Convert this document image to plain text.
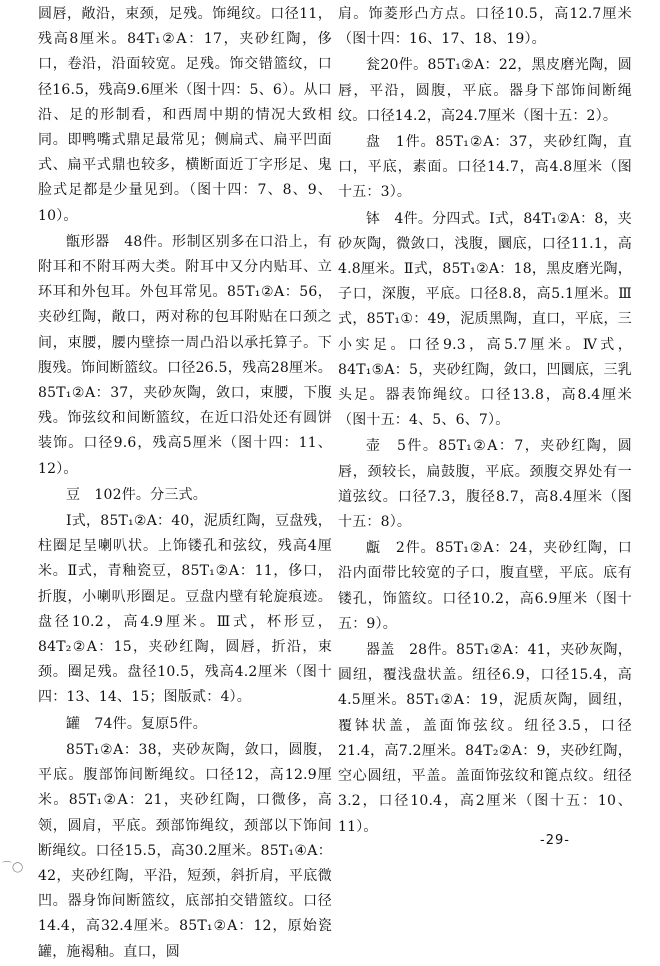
圆唇，敞沿，束颈，足残。饰绳纹。口径11，残高8厘米。84T₁②A：17，夹砂红陶，侈口，卷沿，沿面较宽。足残。饰交错篮纹，口径16.5，残高9.6厘米（图十四：5、6）。从口沿、足的形制看，和西周中期的情况大致相同。即鸭嘴式鼎足最常见；侧扁式、扁平凹面式、扁平式鼎也较多，横断面近丁字形足、鬼脸式足都是少量见到。（图十四：7、8、9、10）。

甑形器　48件。形制区别多在口沿上，有附耳和不附耳两大类。附耳中又分内贴耳、立环耳和外包耳。外包耳常见。85T₁②A：56，夹砂红陶，敞口，两对称的包耳附贴在口颈之间，束腰，腰内壁捺一周凸沿以承托算子。下腹残。饰间断篮纹。口径26.5，残高28厘米。85T₁②A：37，夹砂灰陶，敛口，束腰，下腹残。饰弦纹和间断篮纹，在近口沿处还有圆饼装饰。口径9.6，残高5厘米（图十四：11、12）。

豆　102件。分三式。

Ⅰ式，85T₁②A：40，泥质红陶，豆盘残，柱圈足呈喇叭状。上饰镂孔和弦纹，残高4厘米。Ⅱ式，青釉瓷豆，85T₁②A：11，侈口，折腹，小喇叭形圈足。豆盘内壁有轮旋痕迹。盘径10.2，高4.9厘米。Ⅲ式，杯形豆，84T₂②A：15，夹砂红陶，圆唇，折沿，束颈。圈足残。盘径10.5，残高4.2厘米（图十四：13、14、15；图版贰：4）。

罐　74件。复原5件。

85T₁②A：38，夹砂灰陶，敛口，圆腹，平底。腹部饰间断绳纹。口径12，高12.9厘米。85T₁②A：21，夹砂红陶，口微侈，高领，圆肩，平底。颈部饰绳纹，颈部以下饰间断绳纹。口径15.5，高30.2厘米。85T₁④A：42，夹砂红陶，平沿，短颈，斜折肩，平底微凹。器身饰间断篮纹，底部拍交错篮纹。口径14.4，高32.4厘米。85T₁②A：12，原始瓷罐，施褐釉。直口，圆

肩。饰菱形凸方点。口径10.5，高12.7厘米（图十四：16、17、18、19）。

瓮20件。85T₁②A：22，黑皮磨光陶，圆唇，平沿，圆腹，平底。器身下部饰间断绳纹。口径14.2，高24.7厘米（图十五：2）。

盘　1件。85T₁②A：37，夹砂红陶，直口，平底，素面。口径14.7，高4.8厘米（图十五：3）。

钵　4件。分四式。Ⅰ式，84T₁②A：8，夹砂灰陶，微敛口，浅腹，圜底，口径11.1，高4.8厘米。Ⅱ式，85T₁②A：18，黑皮磨光陶，子口，深腹，平底。口径8.8，高5.1厘米。Ⅲ式，85T₁①：49，泥质黑陶，直口，平底，三小实足。口径9.3，高5.7厘米。Ⅳ式，84T₁⑤A：5，夹砂红陶，敛口，凹圜底，三乳头足。器表饰绳纹。口径13.8，高8.4厘米（图十五：4、5、6、7）。

壶　5件。85T₁②A：7，夹砂红陶，圆唇，颈较长，扁鼓腹，平底。颈腹交界处有一道弦纹。口径7.3，腹径8.7，高8.4厘米（图十五：8）。

甗　2件。85T₁②A：24，夹砂红陶，口沿内面带比较宽的子口，腹直壁，平底。底有镂孔，饰篮纹。口径10.2，高6.9厘米（图十五：9）。

器盖　28件。85T₁②A：41，夹砂灰陶，圆纽，覆浅盘状盖。纽径6.9，口径15.4，高4.5厘米。85T₁②A：19，泥质灰陶，圆纽，覆钵状盖，盖面饰弦纹。纽径3.5，口径21.4，高7.2厘米。84T₂②A：9，夹砂红陶，空心圆纽，平盖。盖面饰弦纹和篦点纹。纽径3.2，口径10.4，高2厘米（图十五：10、11）。

-29-
⌒◯
